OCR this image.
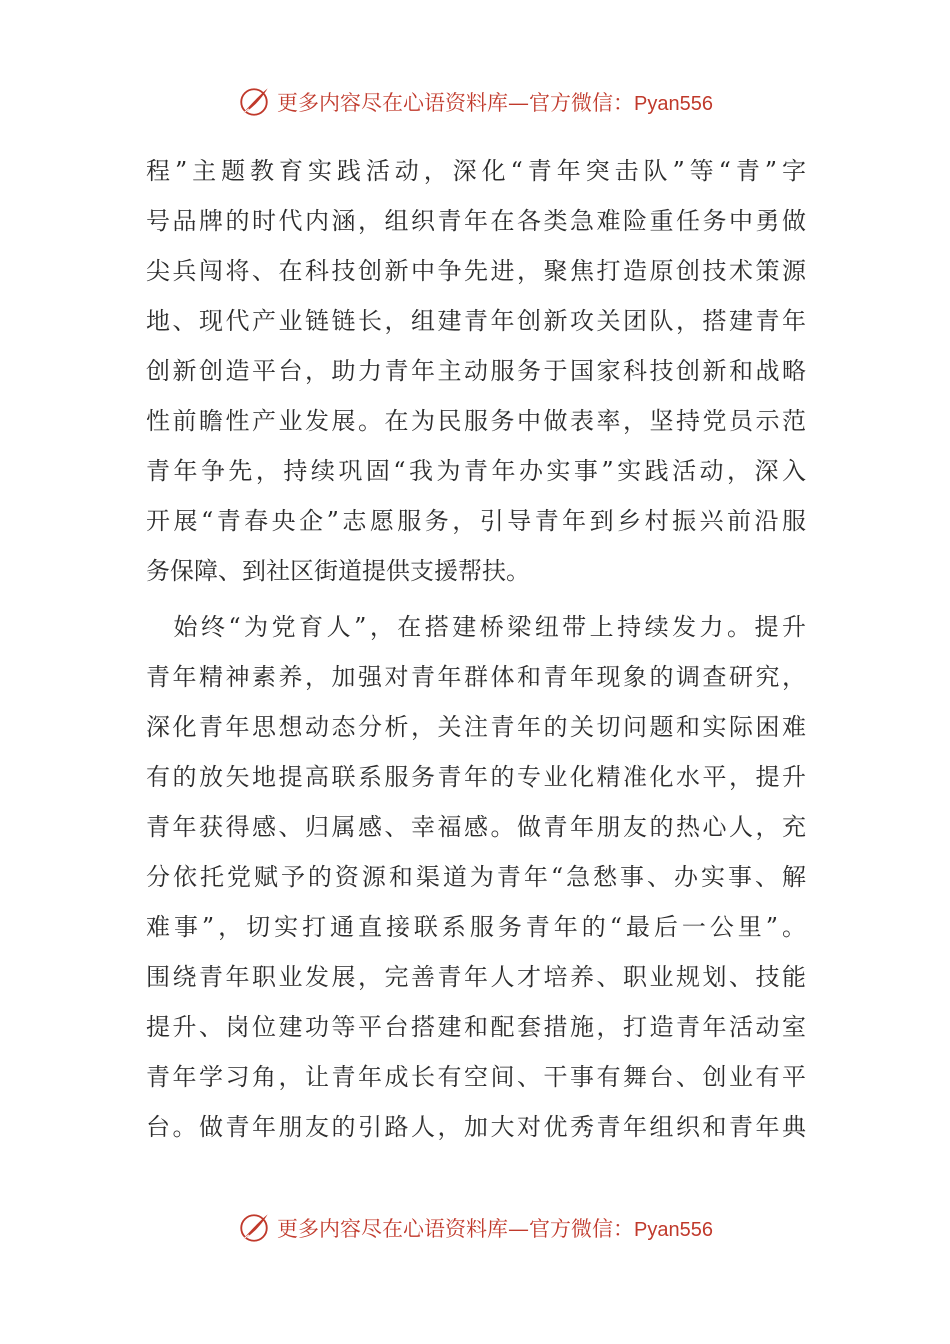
更多内容尽在心语资料库—官方微信：Pyan556
程”主题教育实践活动，深化“青年突击队”等“青”字
号品牌的时代内涵，组织青年在各类急难险重任务中勇做
尖兵闯将、在科技创新中争先进，聚焦打造原创技术策源
地、现代产业链链长，组建青年创新攻关团队，搭建青年
创新创造平台，助力青年主动服务于国家科技创新和战略
性前瞻性产业发展。在为民服务中做表率，坚持党员示范
青年争先，持续巩固“我为青年办实事”实践活动，深入
开展“青春央企”志愿服务，引导青年到乡村振兴前沿服
务保障、到社区街道提供支援帮扶。
　始终“为党育人”，在搭建桥梁纽带上持续发力。提升
青年精神素养，加强对青年群体和青年现象的调查研究，
深化青年思想动态分析，关注青年的关切问题和实际困难
有的放矢地提高联系服务青年的专业化精准化水平，提升
青年获得感、归属感、幸福感。做青年朋友的热心人，充
分依托党赋予的资源和渠道为青年“急愁事、办实事、解
难事”，切实打通直接联系服务青年的“最后一公里”。
围绕青年职业发展，完善青年人才培养、职业规划、技能
提升、岗位建功等平台搭建和配套措施，打造青年活动室
青年学习角，让青年成长有空间、干事有舞台、创业有平
台。做青年朋友的引路人，加大对优秀青年组织和青年典
更多内容尽在心语资料库—官方微信：Pyan556
